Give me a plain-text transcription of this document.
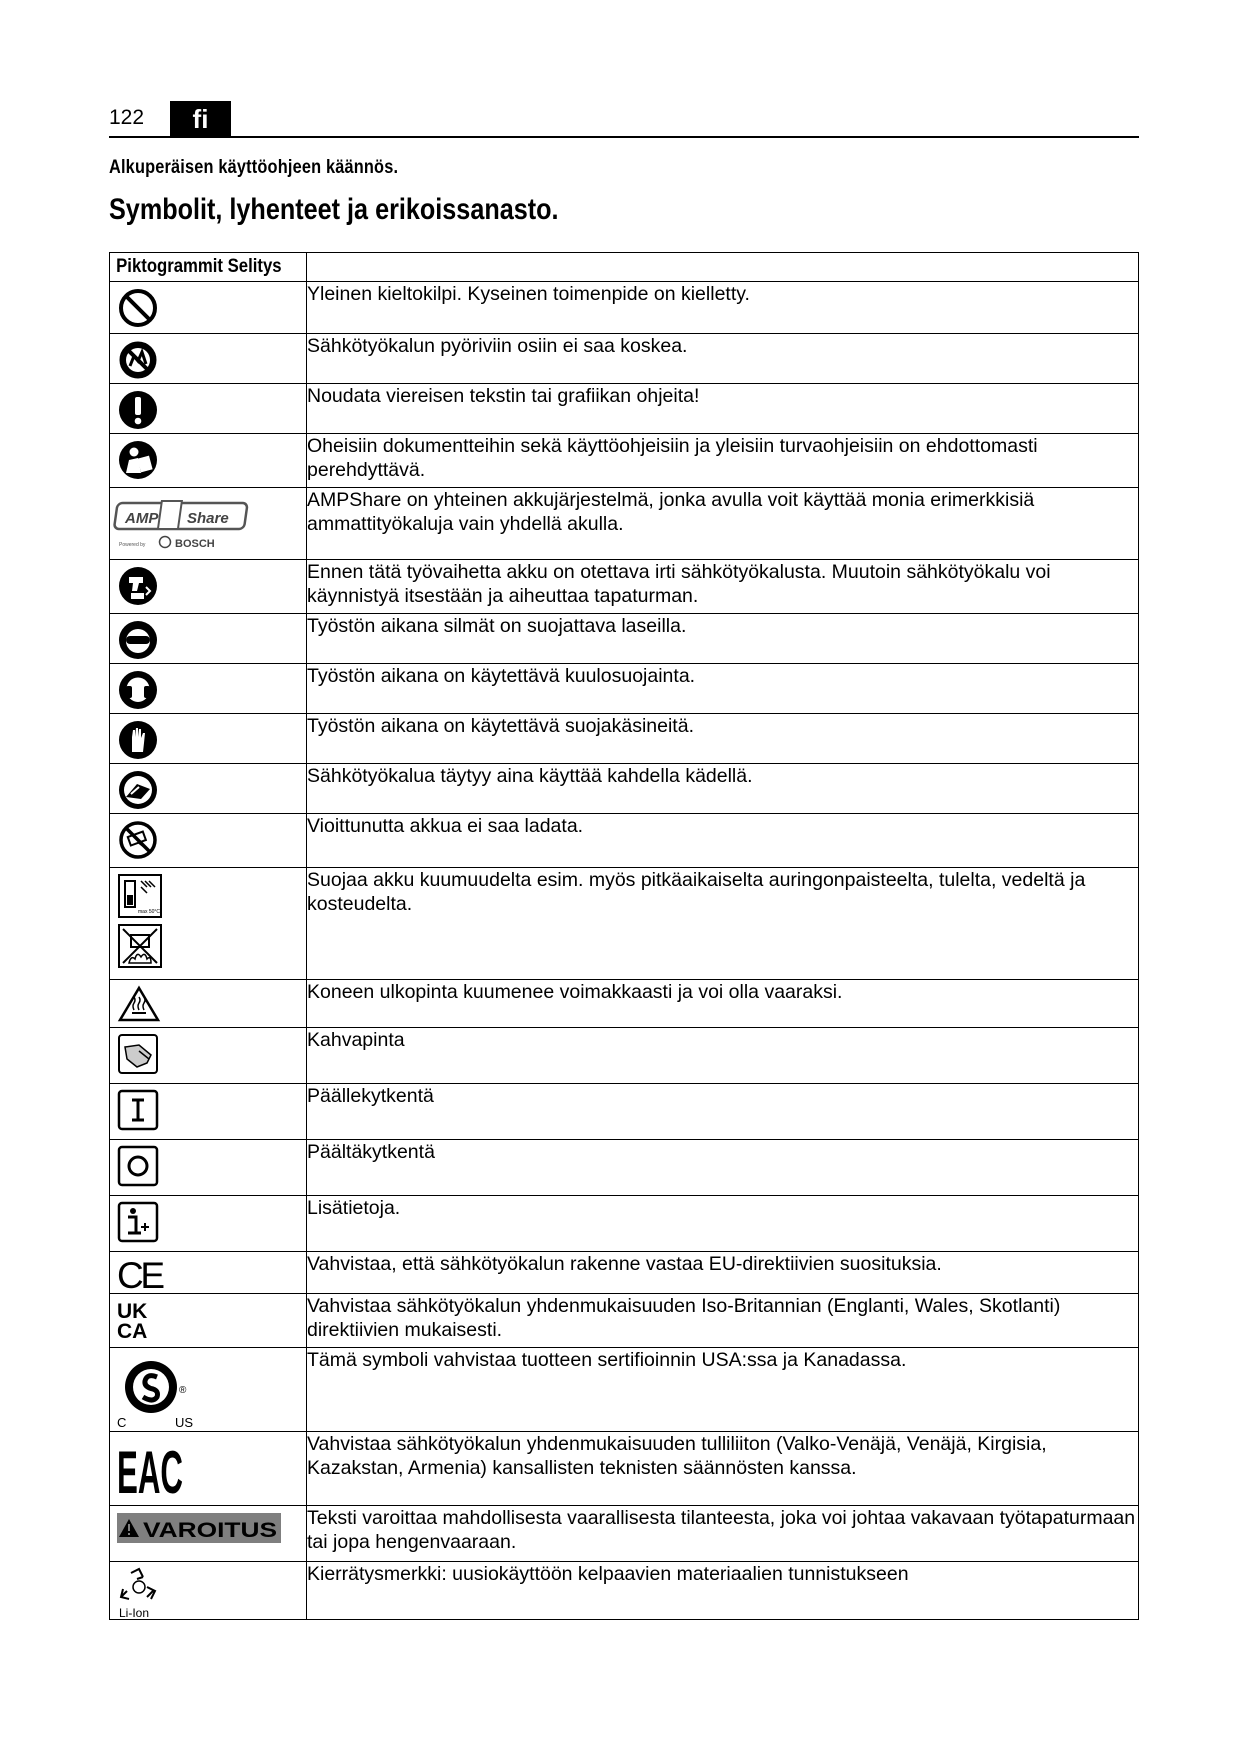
122	fi
Alkuperäisen käyttöohjeen käännös.
Symbolit, lyhenteet ja erikoissanasto.
Piktogrammit Selitys	

	Yleinen kieltokilpi. Kyseinen toimenpide on kielletty.

	Sähkötyökalun pyöriviin osiin ei saa koskea.

	Noudata viereisen tekstin tai grafiikan ohjeita!

	Oheisiin dokumentteihin sekä käyttöohjeisiin ja yleisiin turvaohjeisiin on ehdottomasti perehdyttävä.

AMP Share
Powered by BOSCH	AMPShare on yhteinen akkujärjestelmä, jonka avulla voit käyttää monia erimerkkisiä ammattityökaluja vain yhdellä akulla.

	Ennen tätä työvaihetta akku on otettava irti sähkötyökalusta. Muutoin sähkötyökalu voi käynnistyä itsestään ja aiheuttaa tapaturman.

	Työstön aikana silmät on suojattava laseilla.

	Työstön aikana on käytettävä kuulosuojainta.

	Työstön aikana on käytettävä suojakäsineitä.

	Sähkötyökalua täytyy aina käyttää kahdella kädellä.

	Vioittunutta akkua ei saa ladata.

max 50°C	Suojaa akku kuumuudelta esim. myös pitkäaikaiselta auringonpaisteelta, tulelta, vedeltä ja kosteudelta.

	Koneen ulkopinta kuumenee voimakkaasti ja voi olla vaaraksi.

	Kahvapinta

	Päällekytkentä

	Päältäkytkentä

	Lisätietoja.

CE	Vahvistaa, että sähkötyökalun rakenne vastaa EU-direktiivien suosituksia.

UK
CA	Vahvistaa sähkötyökalun yhdenmukaisuuden Iso-Britannian (Englanti, Wales, Skotlanti) direktiivien mukaisesti.

®
C US	Tämä symboli vahvistaa tuotteen sertifioinnin USA:ssa ja Kanadassa.

EAC	Vahvistaa sähkötyökalun yhdenmukaisuuden tulliliiton (Valko-Venäjä, Venäjä, Kirgisia, Kazakstan, Armenia) kansallisten teknisten säännösten kanssa.

VAROITUS	Teksti varoittaa mahdollisesta vaarallisesta tilanteesta, joka voi johtaa vakavaan työtapaturmaan tai jopa hengenvaaraan.

Li-Ion	Kierrätysmerkki: uusiokäyttöön kelpaavien materiaalien tunnistukseen
